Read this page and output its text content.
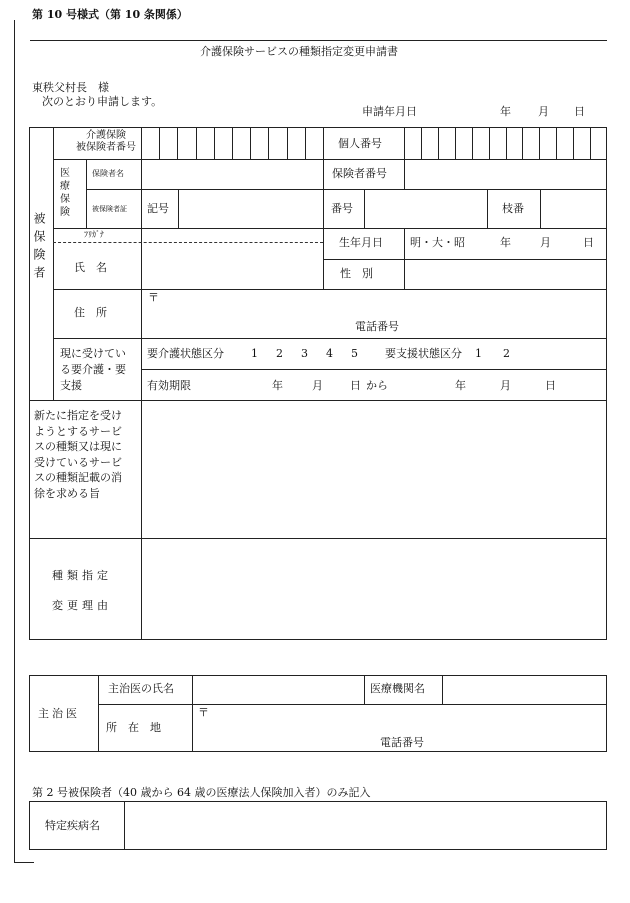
第 10 号様式（第 10 条関係）
介護保険サービスの種類指定変更申請書
東秩父村長　様
次のとおり申請します。
申請年月日	年 月 日
被保険者
介護保険
被保険者番号	個人番号
医療保険
保険者名	保険者番号
被保険者証 記号	番号	枝番
ﾌﾘｶﾞﾅ
氏　名
生年月日 明・大・昭	年	月	日
性　別
住　所
〒
電話番号
現に受けてい
る要介護・要
支援
要介護状態区分 1 2 3 4 5 要支援状態区分 1 2
有効期限	年	月 日 から	年	月	日
新たに指定を受け
ようとするサービ
スの種類又は現に
受けているサービ
スの種類記載の消
徐を求める旨
種類指定
変更理由
主治医
主治医の氏名	医療機関名
所　在　地
〒
電話番号
第 2 号被保険者（40 歳から 64 歳の医療法人保険加入者）のみ記入
特定疾病名
